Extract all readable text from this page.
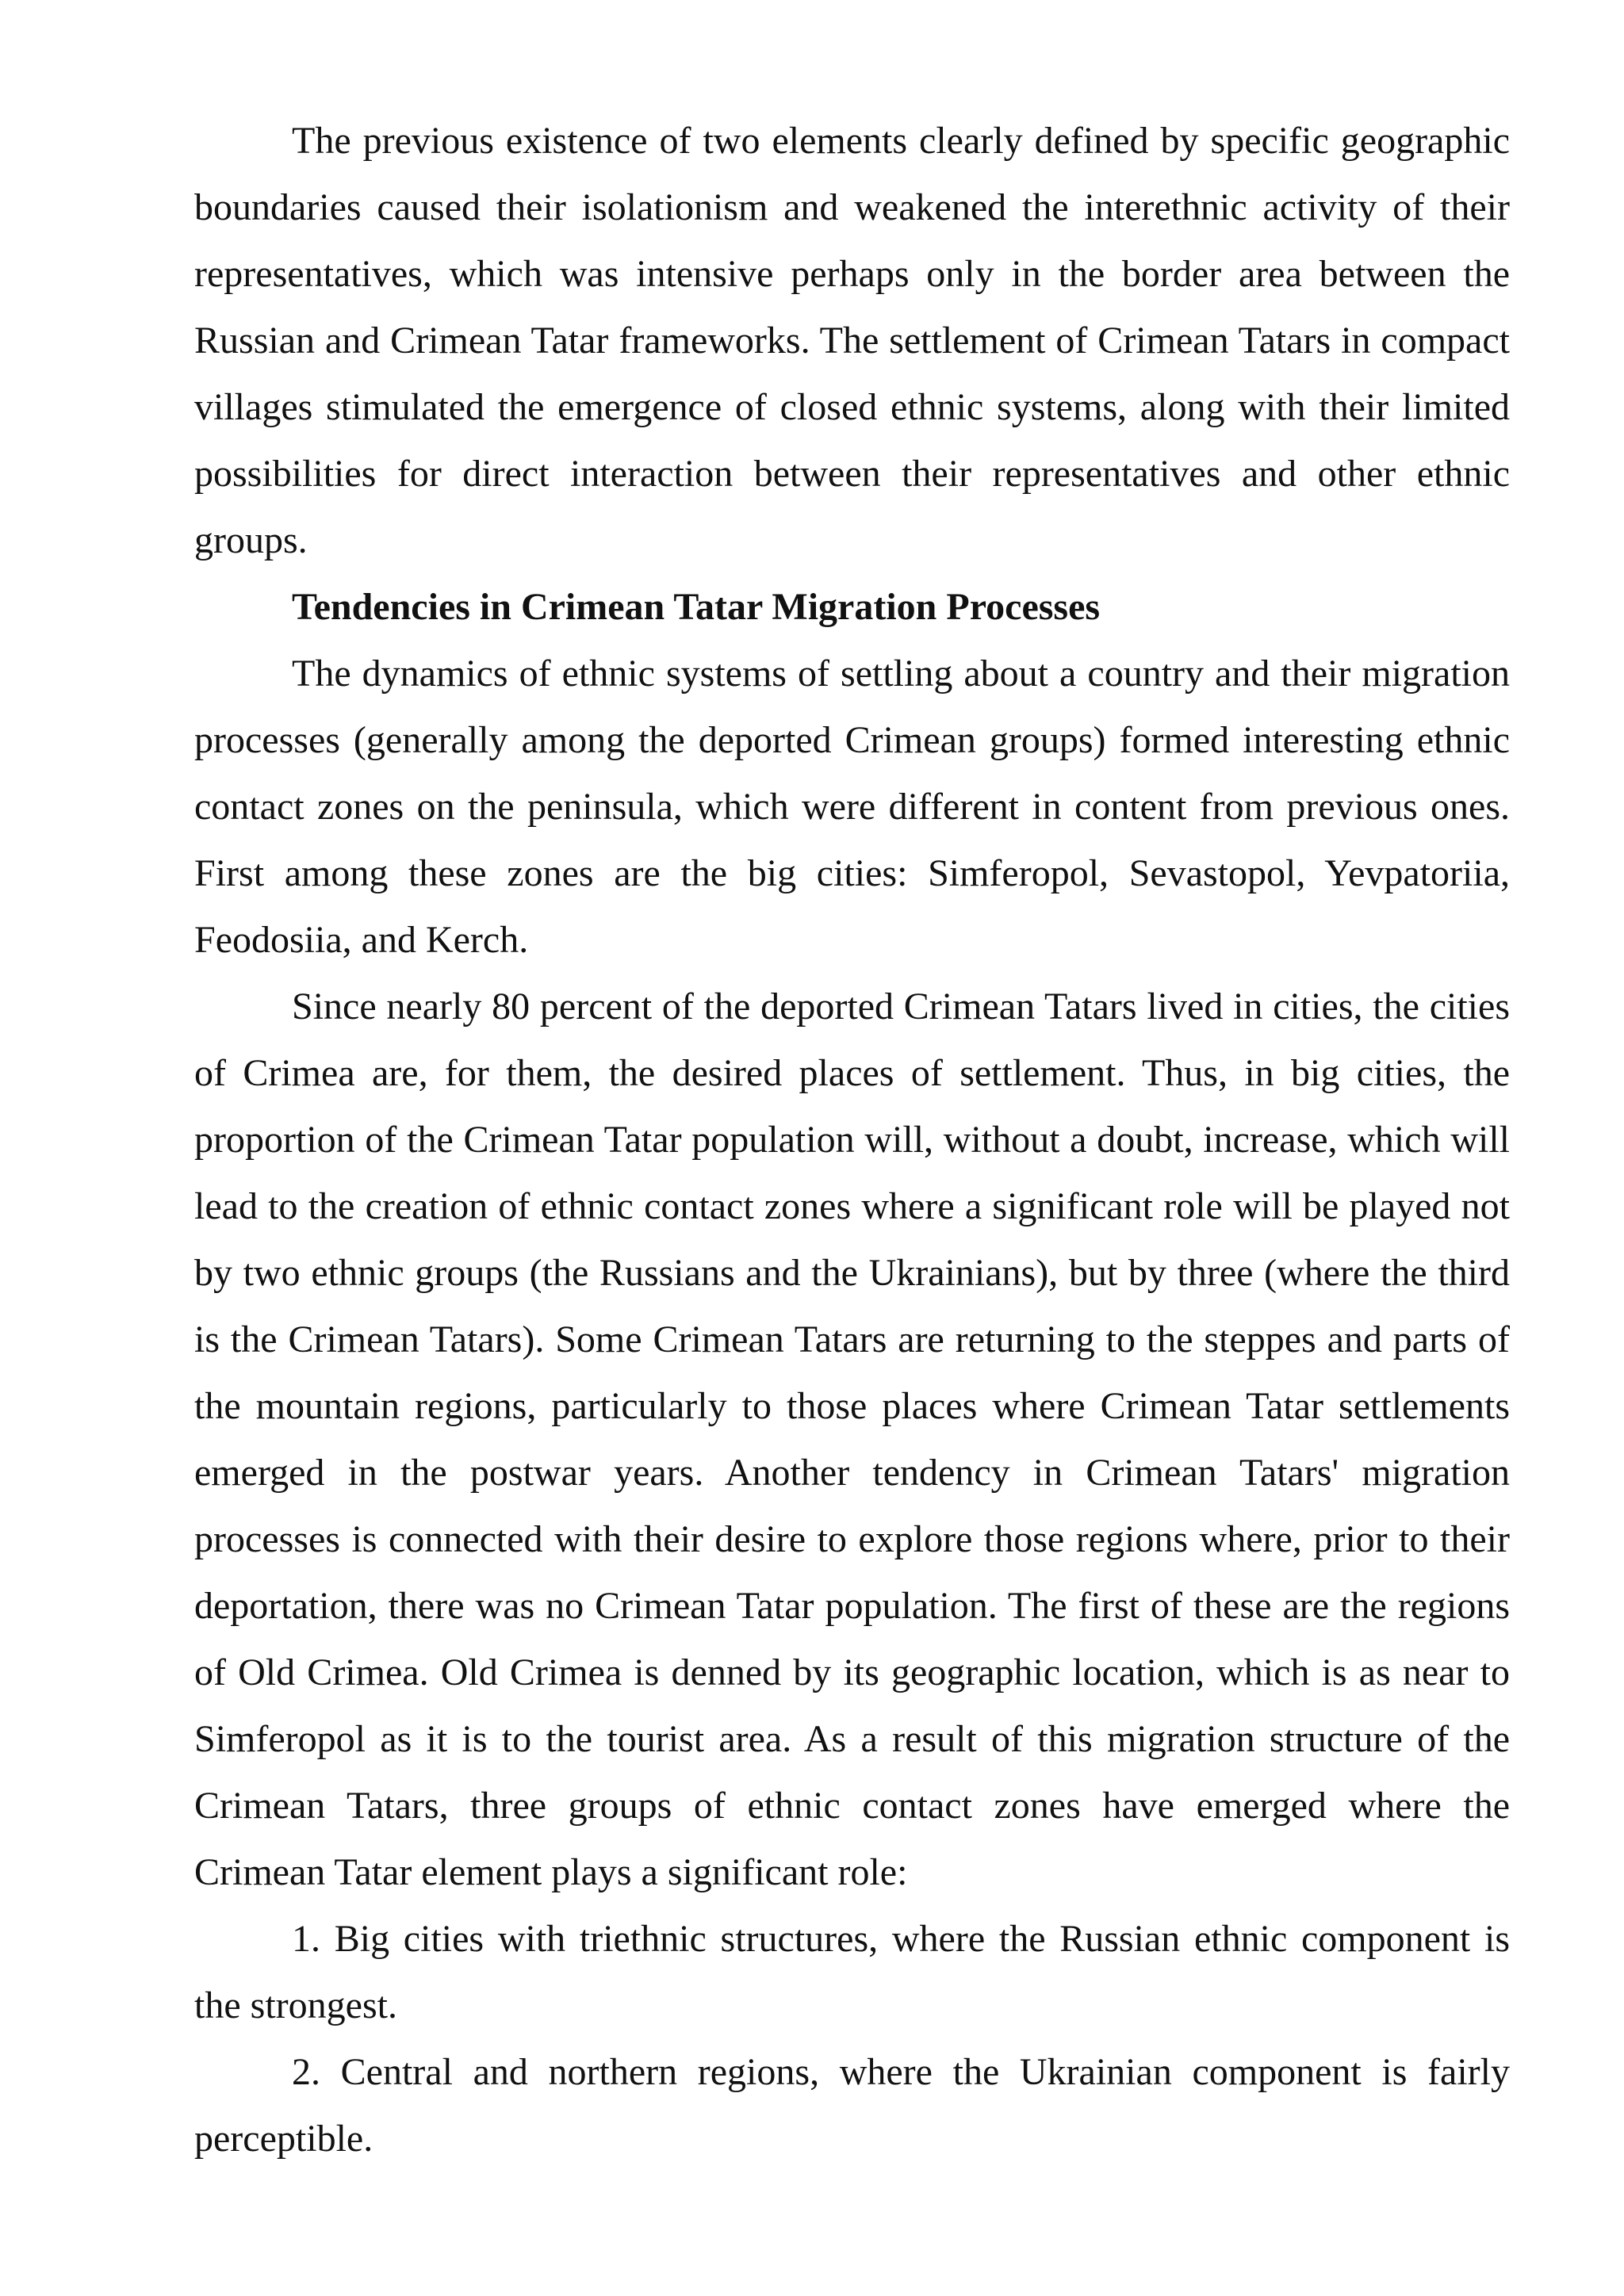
The previous existence of two elements clearly defined by specific geographic boundaries caused their isolationism and weakened the interethnic activity of their representatives, which was intensive perhaps only in the border area between the Russian and Crimean Tatar frameworks. The settlement of Crimean Tatars in compact villages stimulated the emergence of closed ethnic systems, along with their limited possibilities for direct interaction between their representatives and other ethnic groups.

Tendencies in Crimean Tatar Migration Processes

The dynamics of ethnic systems of settling about a country and their migration processes (generally among the deported Crimean groups) formed interesting ethnic contact zones on the peninsula, which were different in content from previous ones. First among these zones are the big cities: Simferopol, Sevastopol, Yevpatoriia, Feodosiia, and Kerch.

Since nearly 80 percent of the deported Crimean Tatars lived in cities, the cities of Crimea are, for them, the desired places of settlement. Thus, in big cities, the proportion of the Crimean Tatar population will, without a doubt, increase, which will lead to the creation of ethnic contact zones where a significant role will be played not by two ethnic groups (the Russians and the Ukrainians), but by three (where the third is the Crimean Tatars). Some Crimean Tatars are returning to the steppes and parts of the mountain regions, particularly to those places where Crimean Tatar settlements emerged in the postwar years. Another tendency in Crimean Tatars' migration processes is connected with their desire to explore those regions where, prior to their deportation, there was no Crimean Tatar population. The first of these are the regions of Old Crimea. Old Crimea is denned by its geographic location, which is as near to Simferopol as it is to the tourist area. As a result of this migration structure of the Crimean Tatars, three groups of ethnic contact zones have emerged where the Crimean Tatar element plays a significant role:

1. Big cities with triethnic structures, where the Russian ethnic component is the strongest.

2. Central and northern regions, where the Ukrainian component is fairly perceptible.
